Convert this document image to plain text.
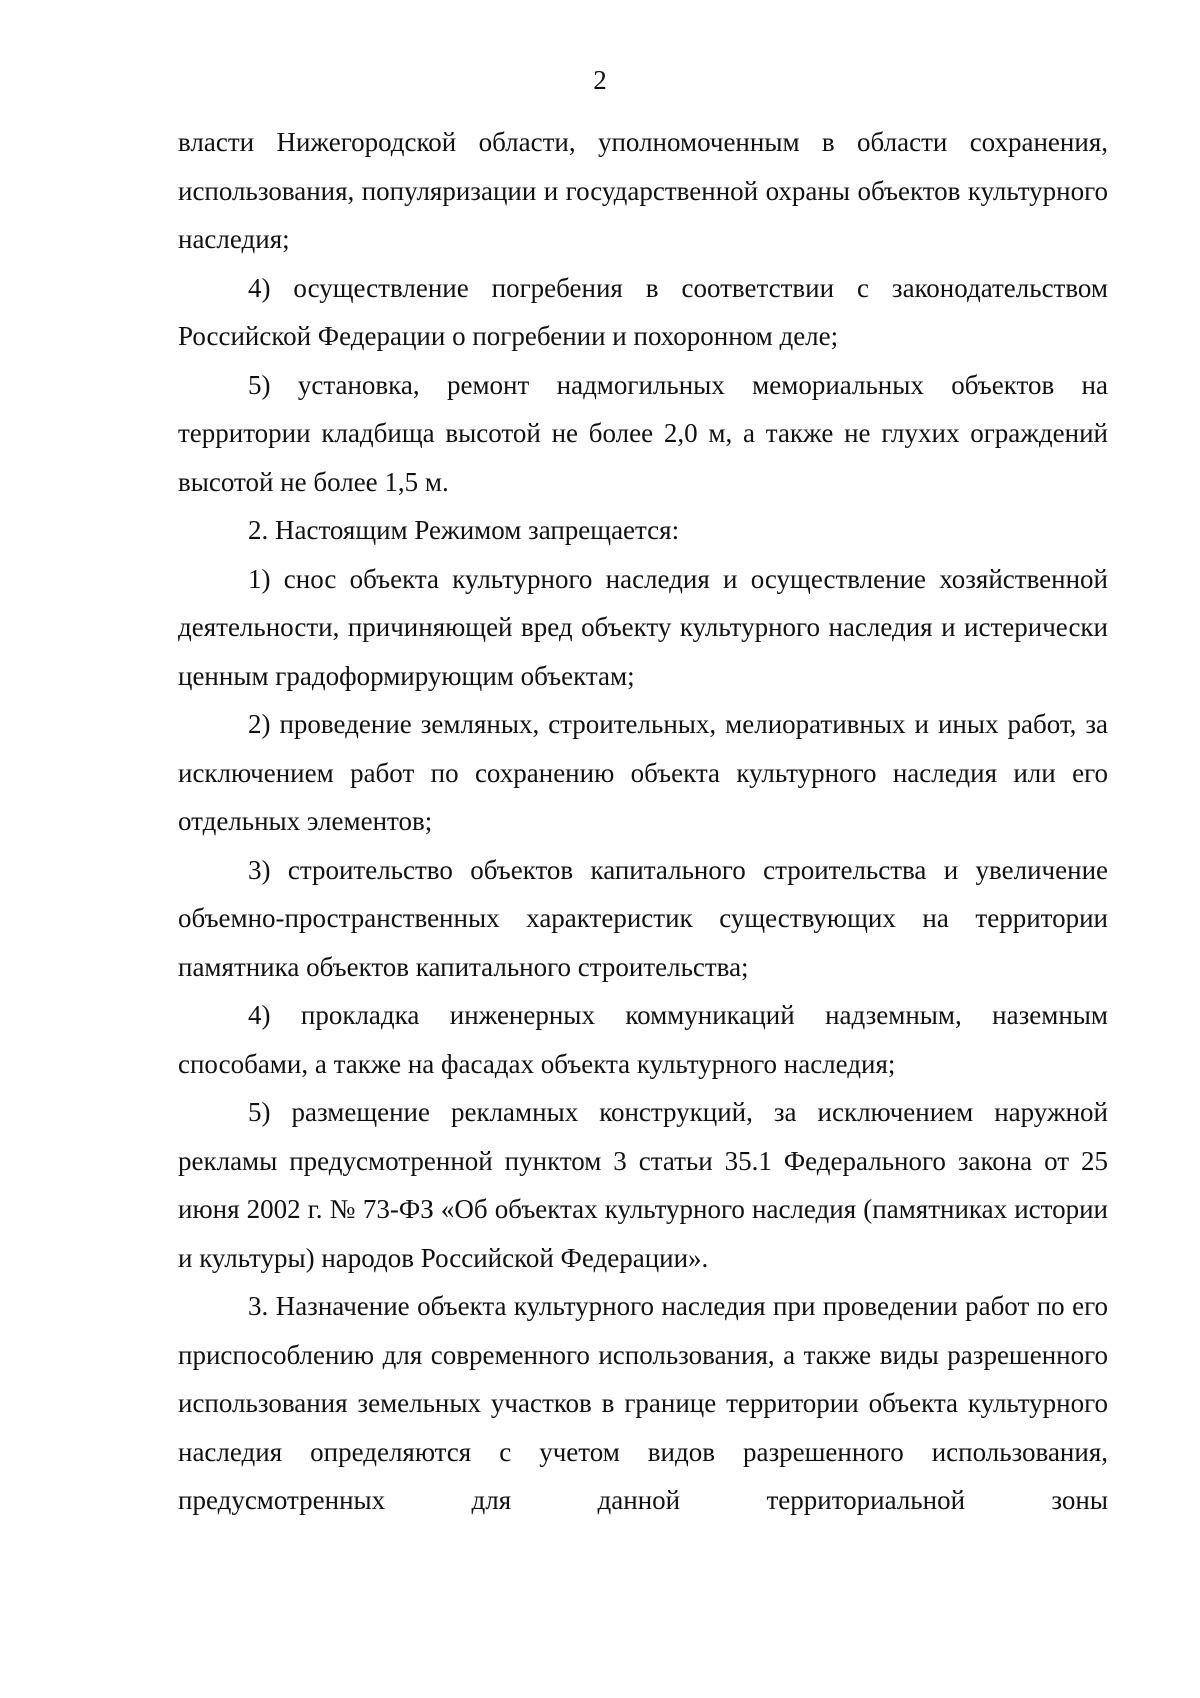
2

власти Нижегородской области, уполномоченным в области сохранения, использования, популяризации и государственной охраны объектов культурного наследия;

4) осуществление погребения в соответствии с законодательством Российской Федерации о погребении и похоронном деле;

5) установка, ремонт надмогильных мемориальных объектов на территории кладбища высотой не более 2,0 м, а также не глухих ограждений высотой не более 1,5 м.

2. Настоящим Режимом запрещается:

1) снос объекта культурного наследия и осуществление хозяйственной деятельности, причиняющей вред объекту культурного наследия и истерически ценным градоформирующим объектам;

2) проведение земляных, строительных, мелиоративных и иных работ, за исключением работ по сохранению объекта культурного наследия или его отдельных элементов;

3) строительство объектов капитального строительства и увеличение объемно-пространственных характеристик существующих на территории памятника объектов капитального строительства;

4) прокладка инженерных коммуникаций надземным, наземным способами, а также на фасадах объекта культурного наследия;

5) размещение рекламных конструкций, за исключением наружной рекламы предусмотренной пунктом 3 статьи 35.1 Федерального закона от 25 июня 2002 г. № 73-ФЗ «Об объектах культурного наследия (памятниках истории и культуры) народов Российской Федерации».

3. Назначение объекта культурного наследия при проведении работ по его приспособлению для современного использования, а также виды разрешенного использования земельных участков в границе территории объекта культурного наследия определяются с учетом видов разрешенного использования, предусмотренных для данной территориальной зоны
